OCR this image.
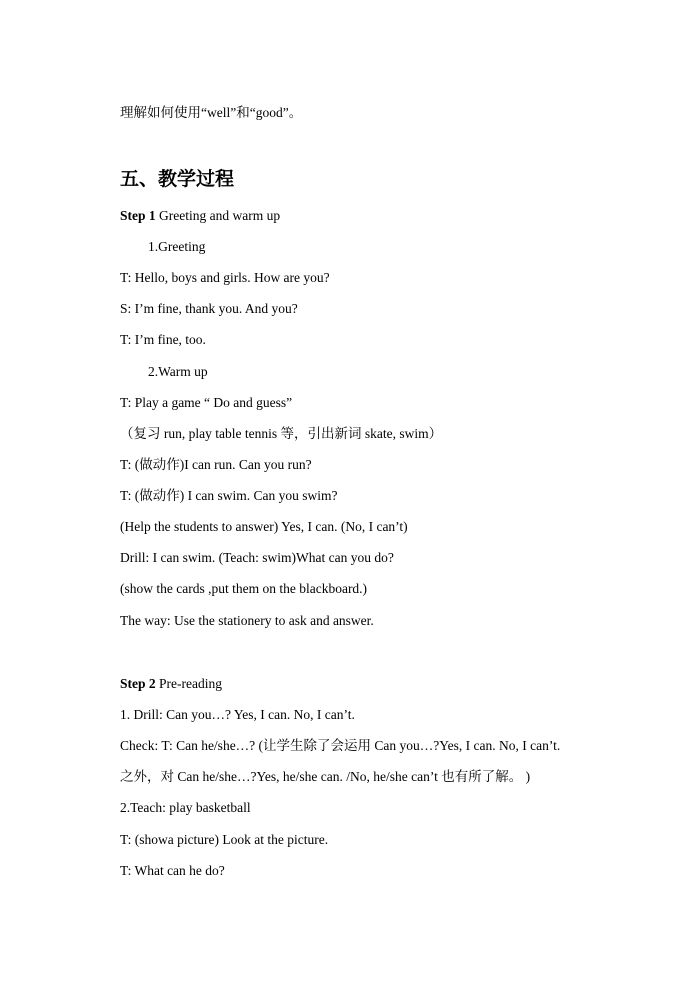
理解如何使用“well”和“good”。
五、教学过程
Step 1 Greeting and warm up
1.Greeting
T: Hello, boys and girls. How are you?
S: I’m fine, thank you. And you?
T: I’m fine, too.
2.Warm up
T: Play a game “ Do and guess”
（复习 run, play table tennis 等，引出新词 skate, swim）
T: (做动作)I can run. Can you run?
T: (做动作) I can swim. Can you swim?
(Help the students to answer) Yes, I can. (No, I can’t)
Drill: I can swim. (Teach: swim)What can you do?
(show the cards ,put them on the blackboard.)
The way: Use the stationery to ask and answer.
Step 2 Pre-reading
1. Drill: Can you…? Yes, I can. No, I can’t.
Check: T: Can he/she…? (让学生除了会运用 Can you…?Yes, I can. No, I can’t.
之外，对 Can he/she…?Yes, he/she can. /No, he/she can’t 也有所了解。 )
2.Teach: play basketball
T: (showa picture) Look at the picture.
T: What can he do?
